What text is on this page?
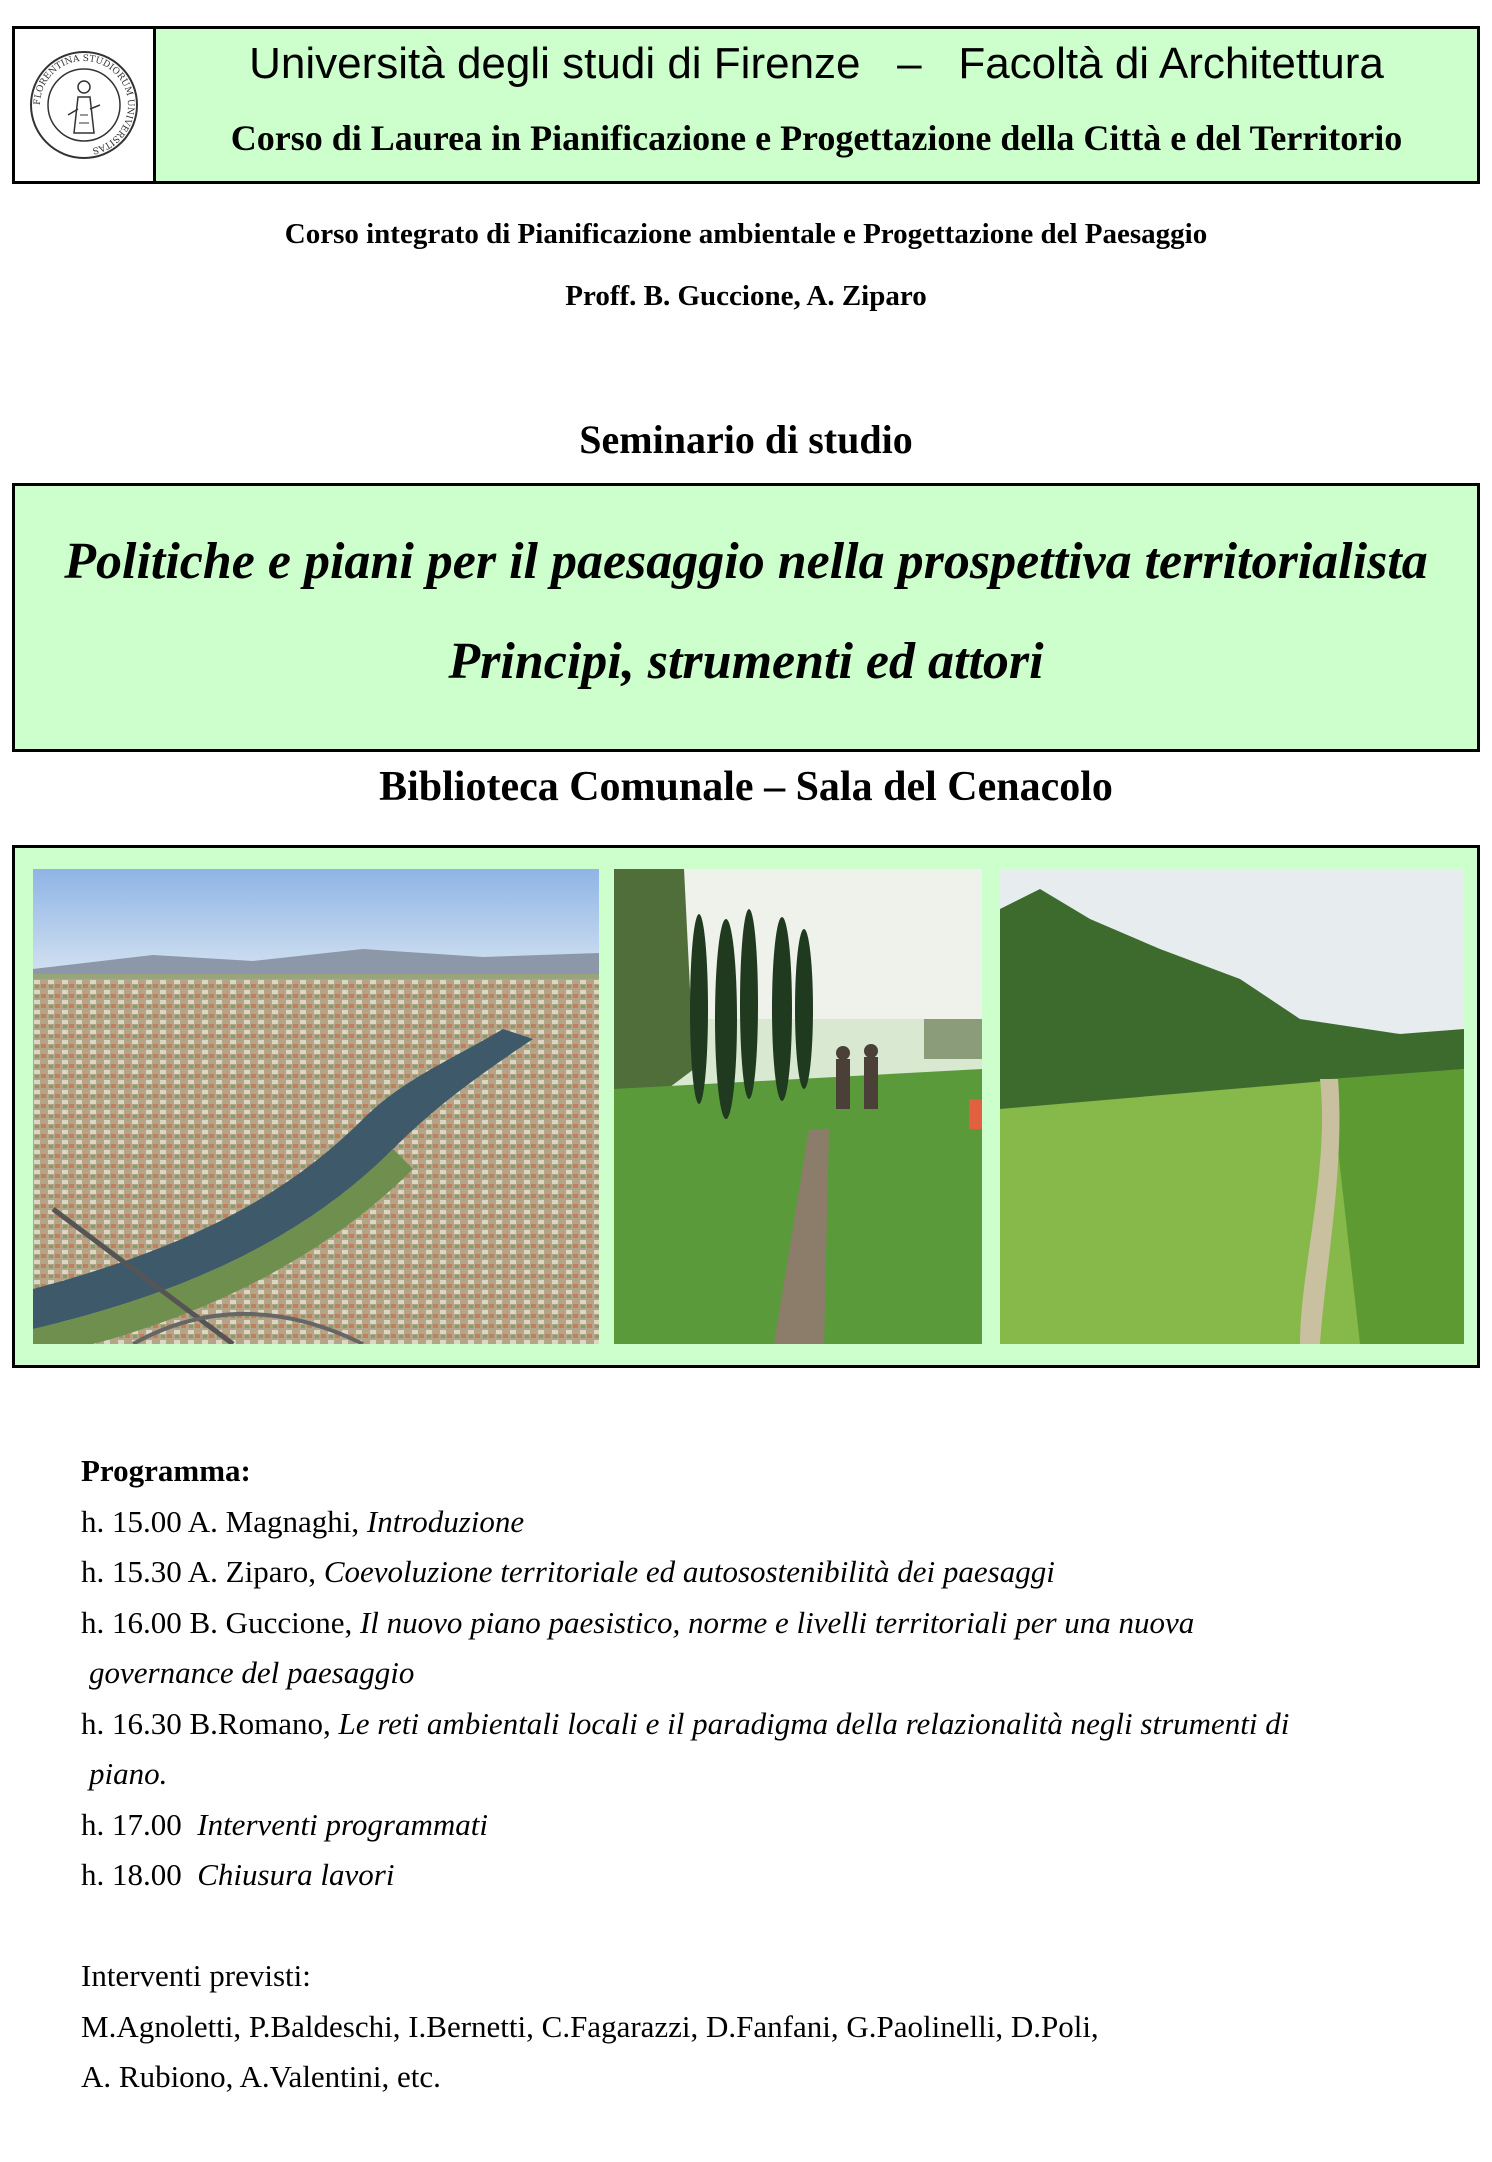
FLORENTINA STUDIORUM UNIVERSITAS
Università degli studi di Firenze   –   Facoltà di Architettura
Corso di Laurea in Pianificazione e Progettazione della Città e del Territorio
Corso integrato di Pianificazione ambientale e Progettazione del Paesaggio
Proff. B. Guccione, A. Ziparo
Seminario di studio
Politiche e piani per il paesaggio nella prospettiva territorialista
Principi, strumenti ed attori
Biblioteca Comunale – Sala del Cenacolo
Programma:
h. 15.00 A. Magnaghi, Introduzione
h. 15.30 A. Ziparo, Coevoluzione territoriale ed autosostenibilità dei paesaggi
h. 16.00 B. Guccione, Il nuovo piano paesistico, norme e livelli territoriali per una nuova
governance del paesaggio
h. 16.30 B.Romano, Le reti ambientali locali e il paradigma della relazionalità negli strumenti di
piano.
h. 17.00 Interventi programmati
h. 18.00 Chiusura lavori
Interventi previsti:
M.Agnoletti, P.Baldeschi, I.Bernetti, C.Fagarazzi, D.Fanfani, G.Paolinelli, D.Poli,
A. Rubiono, A.Valentini, etc.
